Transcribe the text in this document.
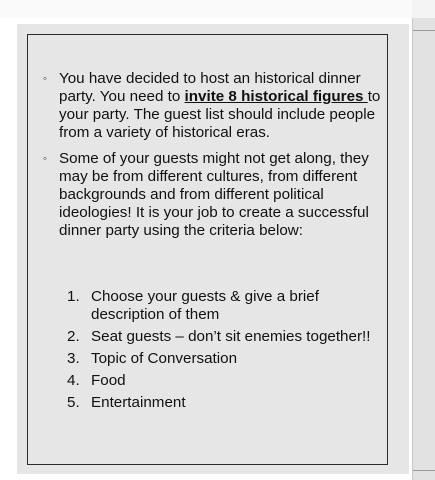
◦ You have decided to host an historical dinner party. You need to invite 8 historical figures to your party. The guest list should include people from a variety of historical eras.
◦ Some of your guests might not get along, they may be from different cultures, from different backgrounds and from different political ideologies! It is your job to create a successful dinner party using the criteria below:
1. Choose your guests & give a brief description of them
2. Seat guests – don’t sit enemies together!!
3. Topic of Conversation
4. Food
5. Entertainment
